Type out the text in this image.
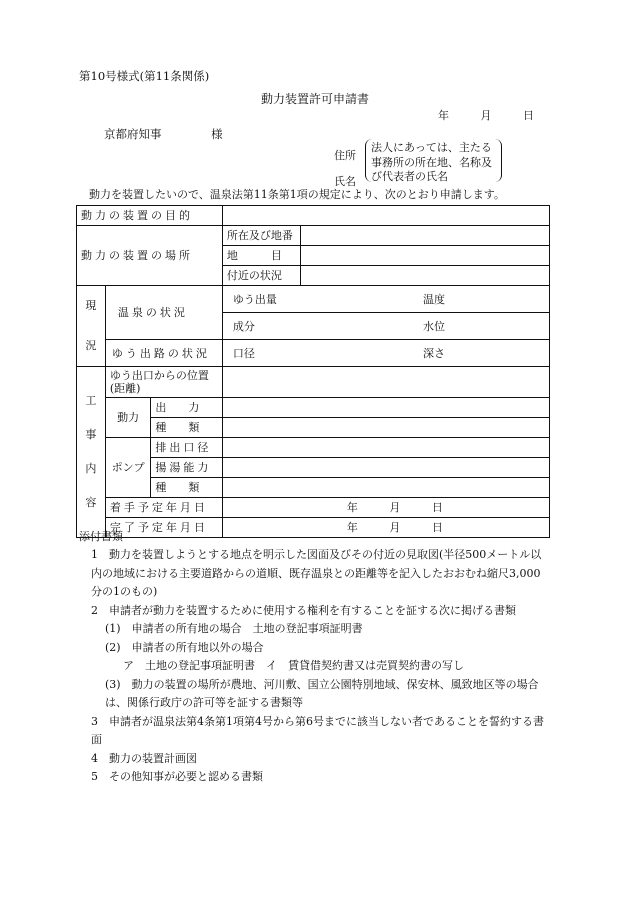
第10号様式(第11条関係)
動力装置許可申請書
年	月	日
京都府知事	様
住所
氏名
法人にあっては、主たる事務所の所在地、名称及び代表者の氏名
動力を装置したいので、温泉法第11条第1項の規定により、次のとおり申請します。
動力の装置の目的				
動力の装置の場所			所在及び地番	
			地　　　目	
			付近の状況	
現況	温泉の状況		ゆう出量 温度	

			成分 水位	

	ゆう出路の状況		口径 深さ	

工事内容	ゆう出口からの位置(距離)			
	動力	出　　力		
		種　　類		
	ポンプ	排出口径		
		揚湯能力		
		種　　類		
	着手予定年月日		年 月 日	
	完了予定年月日		年 月 日	
添付書類
1　動力を装置しようとする地点を明示した図面及びその付近の見取図(半径500メートル以内の地域における主要道路からの道順、既存温泉との距離等を記入したおおむね縮尺3,000分の1のもの)
2　申請者が動力を装置するために使用する権利を有することを証する次に掲げる書類
(1)　申請者の所有地の場合　土地の登記事項証明書
(2)　申請者の所有地以外の場合
ア　土地の登記事項証明書　イ　賃貸借契約書又は売買契約書の写し
(3)　動力の装置の場所が農地、河川敷、国立公園特別地域、保安林、風致地区等の場合は、関係行政庁の許可等を証する書類等
3　申請者が温泉法第4条第1項第4号から第6号までに該当しない者であることを誓約する書面
4　動力の装置計画図
5　その他知事が必要と認める書類
